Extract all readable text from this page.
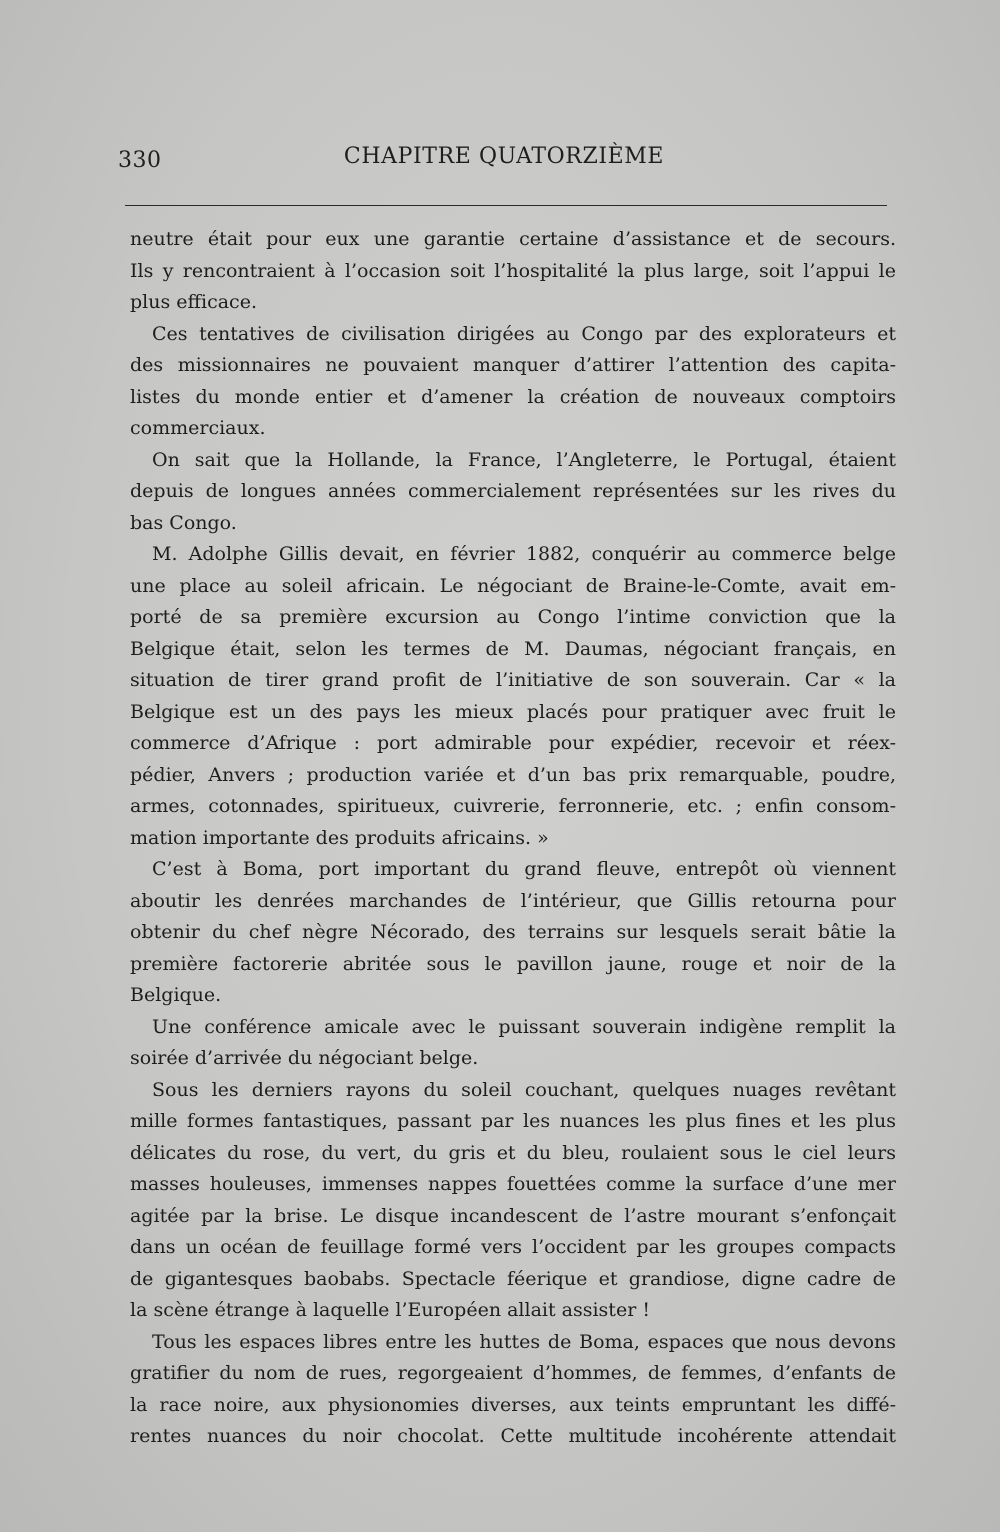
330	CHAPITRE QUATORZIÈME
neutre était pour eux une garantie certaine d’assistance et de secours.
Ils y rencontraient à l’occasion soit l’hospitalité la plus large, soit l’appui le
plus efficace.
Ces tentatives de civilisation dirigées au Congo par des explorateurs et
des missionnaires ne pouvaient manquer d’attirer l’attention des capita-
listes du monde entier et d’amener la création de nouveaux comptoirs
commerciaux.
On sait que la Hollande, la France, l’Angleterre, le Portugal, étaient
depuis de longues années commercialement représentées sur les rives du
bas Congo.
M. Adolphe Gillis devait, en février 1882, conquérir au commerce belge
une place au soleil africain. Le négociant de Braine-le-Comte, avait em-
porté de sa première excursion au Congo l’intime conviction que la
Belgique était, selon les termes de M. Daumas, négociant français, en
situation de tirer grand profit de l’initiative de son souverain. Car « la
Belgique est un des pays les mieux placés pour pratiquer avec fruit le
commerce d’Afrique : port admirable pour expédier, recevoir et réex-
pédier, Anvers ; production variée et d’un bas prix remarquable, poudre,
armes, cotonnades, spiritueux, cuivrerie, ferronnerie, etc. ; enfin consom-
mation importante des produits africains. »
C’est à Boma, port important du grand fleuve, entrepôt où viennent
aboutir les denrées marchandes de l’intérieur, que Gillis retourna pour
obtenir du chef nègre Nécorado, des terrains sur lesquels serait bâtie la
première factorerie abritée sous le pavillon jaune, rouge et noir de la
Belgique.
Une conférence amicale avec le puissant souverain indigène remplit la
soirée d’arrivée du négociant belge.
Sous les derniers rayons du soleil couchant, quelques nuages revêtant
mille formes fantastiques, passant par les nuances les plus fines et les plus
délicates du rose, du vert, du gris et du bleu, roulaient sous le ciel leurs
masses houleuses, immenses nappes fouettées comme la surface d’une mer
agitée par la brise. Le disque incandescent de l’astre mourant s’enfonçait
dans un océan de feuillage formé vers l’occident par les groupes compacts
de gigantesques baobabs. Spectacle féerique et grandiose, digne cadre de
la scène étrange à laquelle l’Européen allait assister !
Tous les espaces libres entre les huttes de Boma, espaces que nous devons
gratifier du nom de rues, regorgeaient d’hommes, de femmes, d’enfants de
la race noire, aux physionomies diverses, aux teints empruntant les diffé-
rentes nuances du noir chocolat. Cette multitude incohérente attendait
